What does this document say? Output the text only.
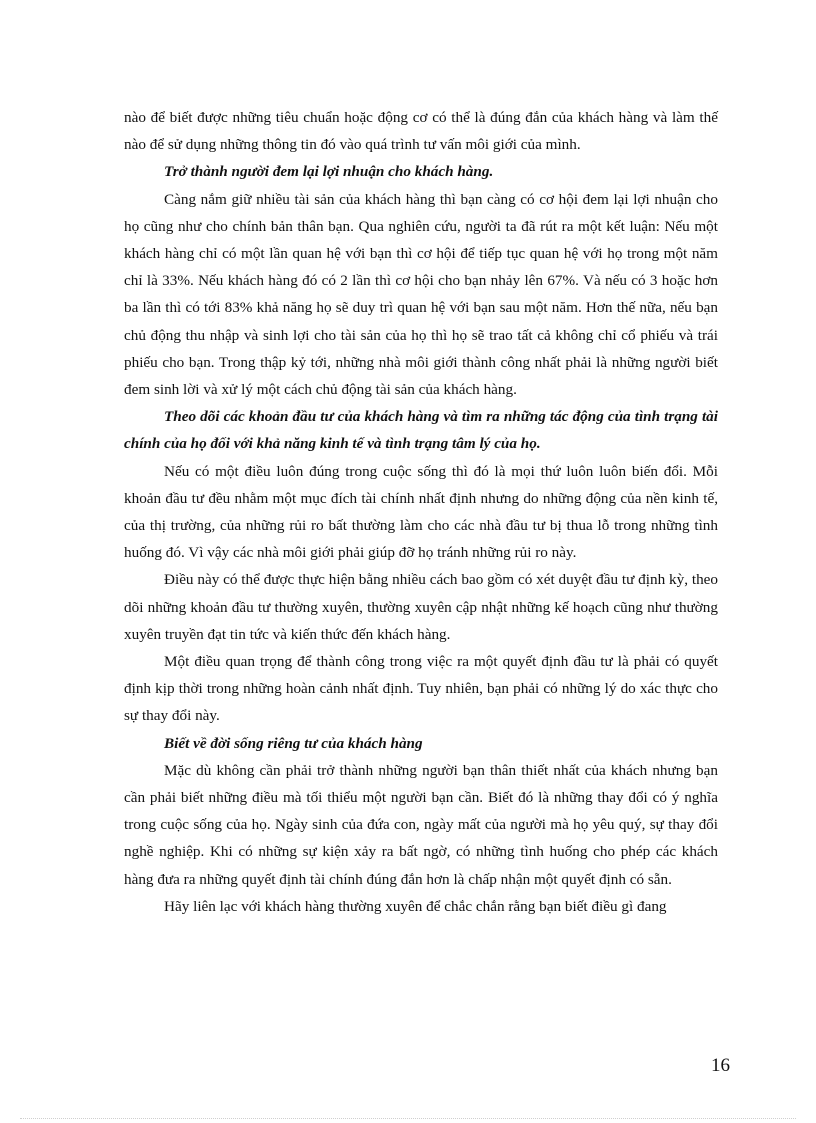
nào để biết được những tiêu chuẩn hoặc động cơ có thể là đúng đắn của khách hàng và làm thế nào để sử dụng những thông tin đó vào quá trình tư vấn môi giới của mình.

Trở thành người đem lại lợi nhuận cho khách hàng.

Càng nắm giữ nhiều tài sản của khách hàng thì bạn càng có cơ hội đem lại lợi nhuận cho họ cũng như cho chính bản thân bạn. Qua nghiên cứu, người ta đã rút ra một kết luận: Nếu một khách hàng chỉ có một lần quan hệ với bạn thì cơ hội để tiếp tục quan hệ với họ trong một năm chỉ là 33%. Nếu khách hàng đó có 2 lần thì cơ hội cho bạn nhảy lên 67%. Và nếu có 3 hoặc hơn ba lần thì có tới 83% khả năng họ sẽ duy trì quan hệ với bạn sau một năm. Hơn thế nữa, nếu bạn chủ động thu nhập và sinh lợi cho tài sản của họ thì họ sẽ trao tất cả không chỉ cổ phiếu và trái phiếu cho bạn. Trong thập kỷ tới, những nhà môi giới thành công nhất phải là những người biết đem sinh lời và xử lý một cách chủ động tài sản của khách hàng.

Theo dõi các khoản đầu tư của khách hàng và tìm ra những tác động của tình trạng tài chính của họ đối với khả năng kinh tế và tình trạng tâm lý của họ.

Nếu có một điều luôn đúng trong cuộc sống thì đó là mọi thứ luôn luôn biến đổi. Mỗi khoản đầu tư đều nhằm một mục đích tài chính nhất định nhưng do những động của nền kinh tế, của thị trường, của những rủi ro bất thường làm cho các nhà đầu tư bị thua lỗ trong những tình huống đó. Vì vậy các nhà môi giới phải giúp đỡ họ tránh những rủi ro này.

Điều này có thể được thực hiện bằng nhiều cách bao gồm có xét duyệt đầu tư định kỳ, theo dõi những khoản đầu tư thường xuyên, thường xuyên cập nhật những kế hoạch cũng như thường xuyên truyền đạt tin tức và kiến thức đến khách hàng.

Một điều quan trọng để thành công trong việc ra một quyết định đầu tư là phải có quyết định kịp thời trong những hoàn cảnh nhất định. Tuy nhiên, bạn phải có những lý do xác thực cho sự thay đổi này.

Biết về đời sống riêng tư của khách hàng

Mặc dù không cần phải trở thành những người bạn thân thiết nhất của khách nhưng bạn cần phải biết những điều mà tối thiểu một người bạn cần. Biết đó là những thay đổi có ý nghĩa trong cuộc sống của họ. Ngày sinh của đứa con, ngày mất của người mà họ yêu quý, sự thay đổi nghề nghiệp. Khi có những sự kiện xảy ra bất ngờ, có những tình huống cho phép các khách hàng đưa ra những quyết định tài chính đúng đắn hơn là chấp nhận một quyết định có sẵn.

Hãy liên lạc với khách hàng thường xuyên để chắc chắn rằng bạn biết điều gì đang

16
